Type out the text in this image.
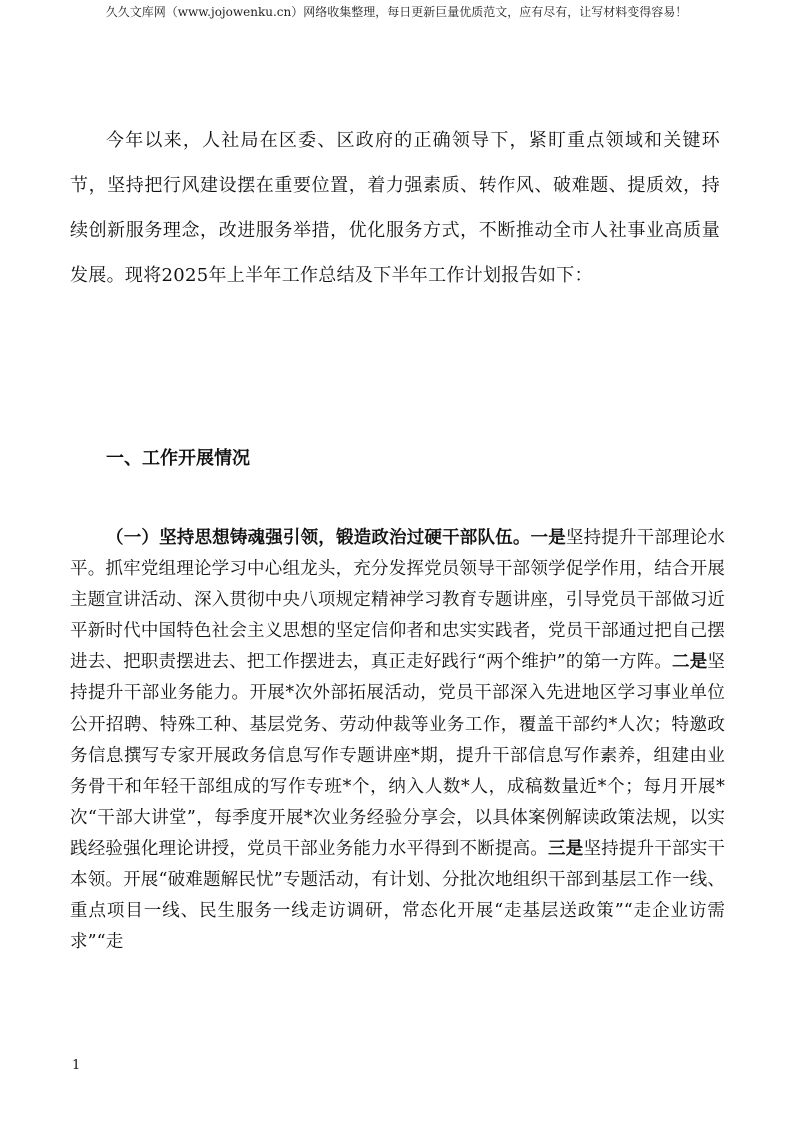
久久文库网（www.jojowenku.cn）网络收集整理，每日更新巨量优质范文，应有尽有，让写材料变得容易！

今年以来，人社局在区委、区政府的正确领导下，紧盯重点领域和关键环节，坚持把行风建设摆在重要位置，着力强素质、转作风、破难题、提质效，持续创新服务理念，改进服务举措，优化服务方式，不断推动全市人社事业高质量发展。现将2025年上半年工作总结及下半年工作计划报告如下：

一、工作开展情况

（一）坚持思想铸魂强引领，锻造政治过硬干部队伍。一是坚持提升干部理论水平。抓牢党组理论学习中心组龙头，充分发挥党员领导干部领学促学作用，结合开展主题宣讲活动、深入贯彻中央八项规定精神学习教育专题讲座，引导党员干部做习近平新时代中国特色社会主义思想的坚定信仰者和忠实实践者，党员干部通过把自己摆进去、把职责摆进去、把工作摆进去，真正走好践行“两个维护”的第一方阵。二是坚持提升干部业务能力。开展*次外部拓展活动，党员干部深入先进地区学习事业单位公开招聘、特殊工种、基层党务、劳动仲裁等业务工作，覆盖干部约*人次；特邀政务信息撰写专家开展政务信息写作专题讲座*期，提升干部信息写作素养，组建由业务骨干和年轻干部组成的写作专班*个，纳入人数*人，成稿数量近*个；每月开展*次“干部大讲堂”，每季度开展*次业务经验分享会，以具体案例解读政策法规，以实践经验强化理论讲授，党员干部业务能力水平得到不断提高。三是坚持提升干部实干本领。开展“破难题解民忧”专题活动，有计划、分批次地组织干部到基层工作一线、重点项目一线、民生服务一线走访调研，常态化开展“走基层送政策”“走企业访需求”“走

1
